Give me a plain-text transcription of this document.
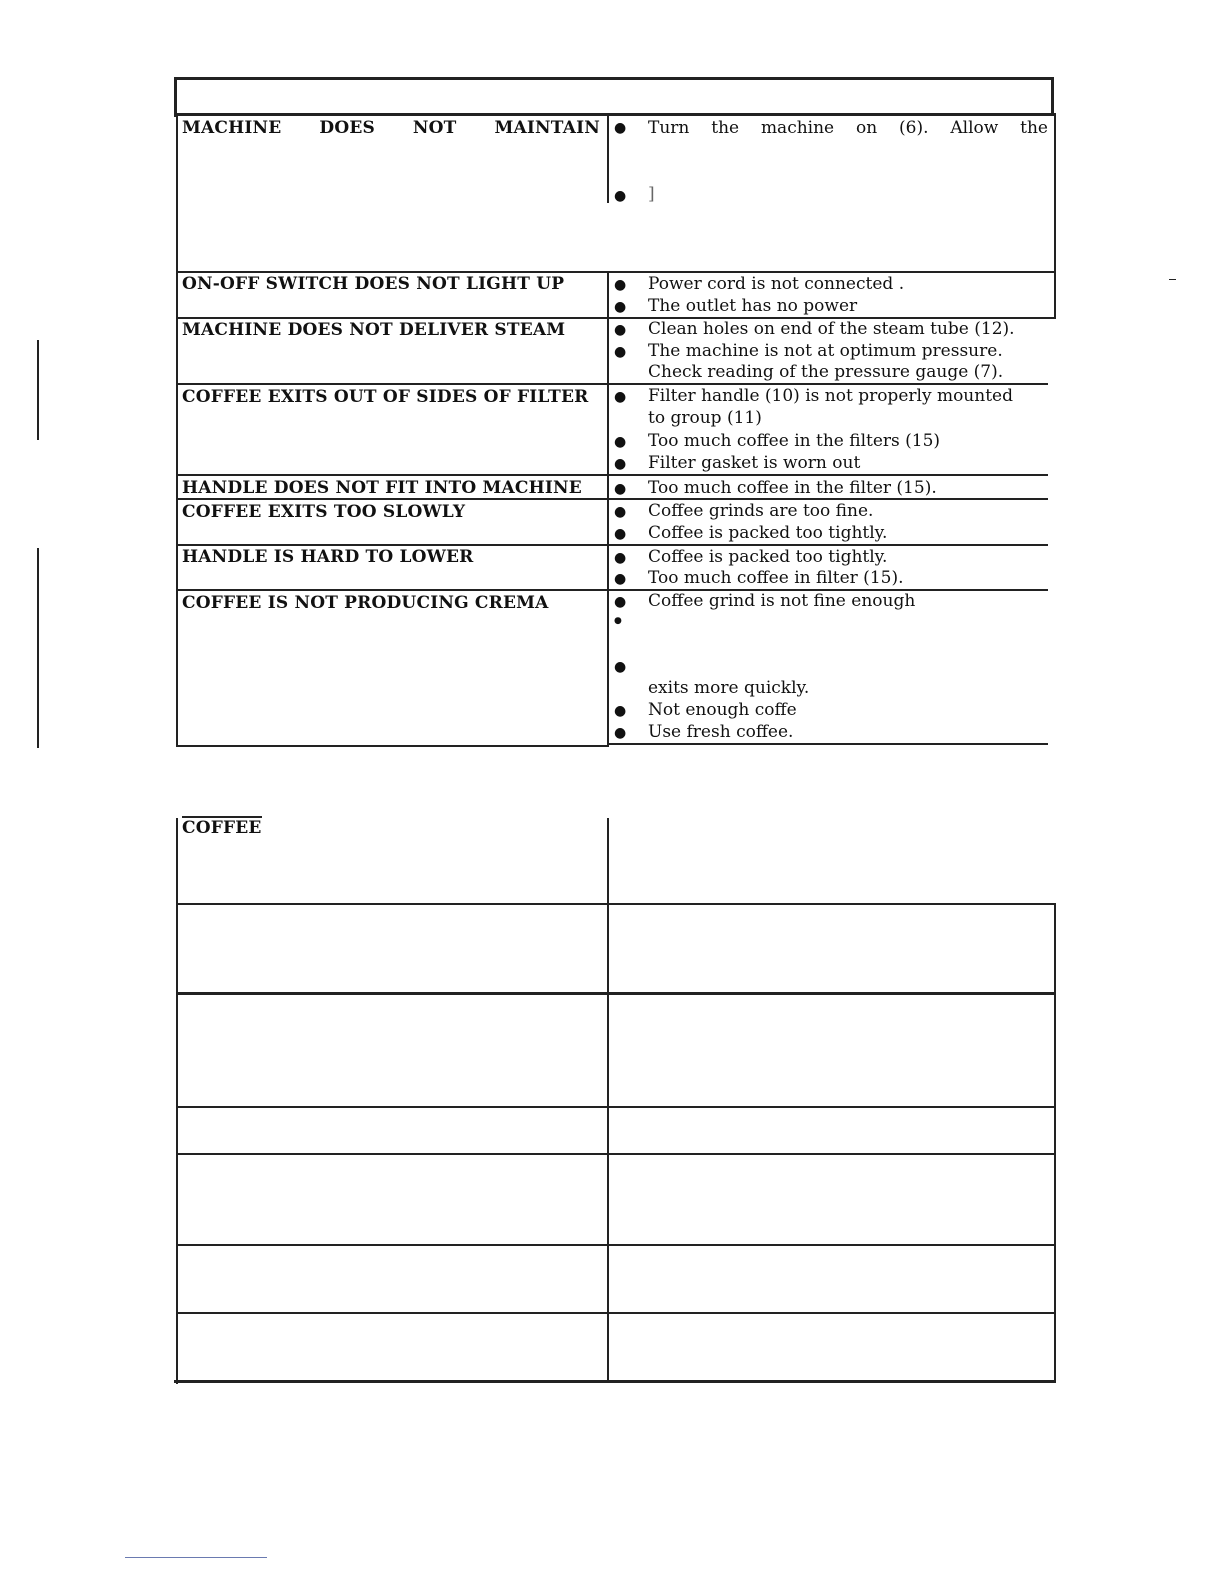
MACHINE DOES NOT MAINTAIN ● Turn the machine on (6). Allow the
● ]
ON-OFF SWITCH DOES NOT LIGHT UP	● Power cord is not connected .
● The outlet has no power
MACHINE DOES NOT DELIVER STEAM	● Clean holes on end of the steam tube (12).
● The machine is not at optimum pressure.
Check reading of the pressure gauge (7).
COFFEE EXITS OUT OF SIDES OF FILTER ● Filter handle (10) is not properly mounted
to group (11)
● Too much coffee in the filters (15)
● Filter gasket is worn out
HANDLE DOES NOT FIT INTO MACHINE ● Too much coffee in the filter (15).
COFFEE EXITS TOO SLOWLY	● Coffee grinds are too fine.
● Coffee is packed too tightly.
HANDLE IS HARD TO LOWER	● Coffee is packed too tightly.
● Too much coffee in filter (15).
COFFEE IS NOT PRODUCING CREMA	● Coffee grind is not fine enough
●
●
exits more quickly.
● Not enough coffe
● Use fresh coffee.
COFFEE
